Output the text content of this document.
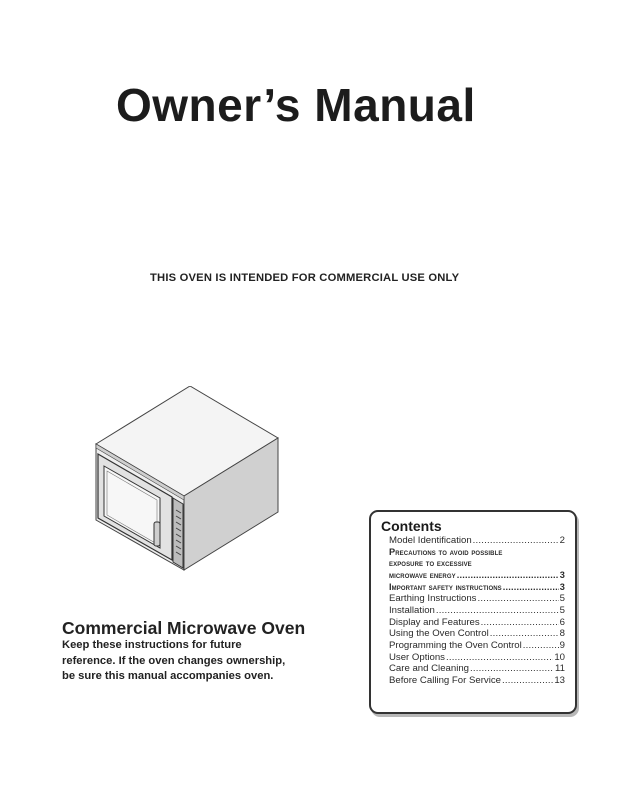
Owner’s Manual
THIS OVEN IS INTENDED FOR COMMERCIAL USE ONLY
Commercial Microwave Oven
Keep these instructions for future
reference. If the oven changes ownership,
be sure this manual accompanies oven.
Contents
Model Identification .....	2
Precautions to avoid possible
exposure to excessive
microwave energy .....	3
Important safety instructions .....	3
Earthing Instructions .....	5
Installation .....	5
Display and Features .....	6
Using the Oven Control .....	8
Programming the Oven Control .....	9
User Options .....	10
Care and Cleaning .....	11
Before Calling For Service .....	13
